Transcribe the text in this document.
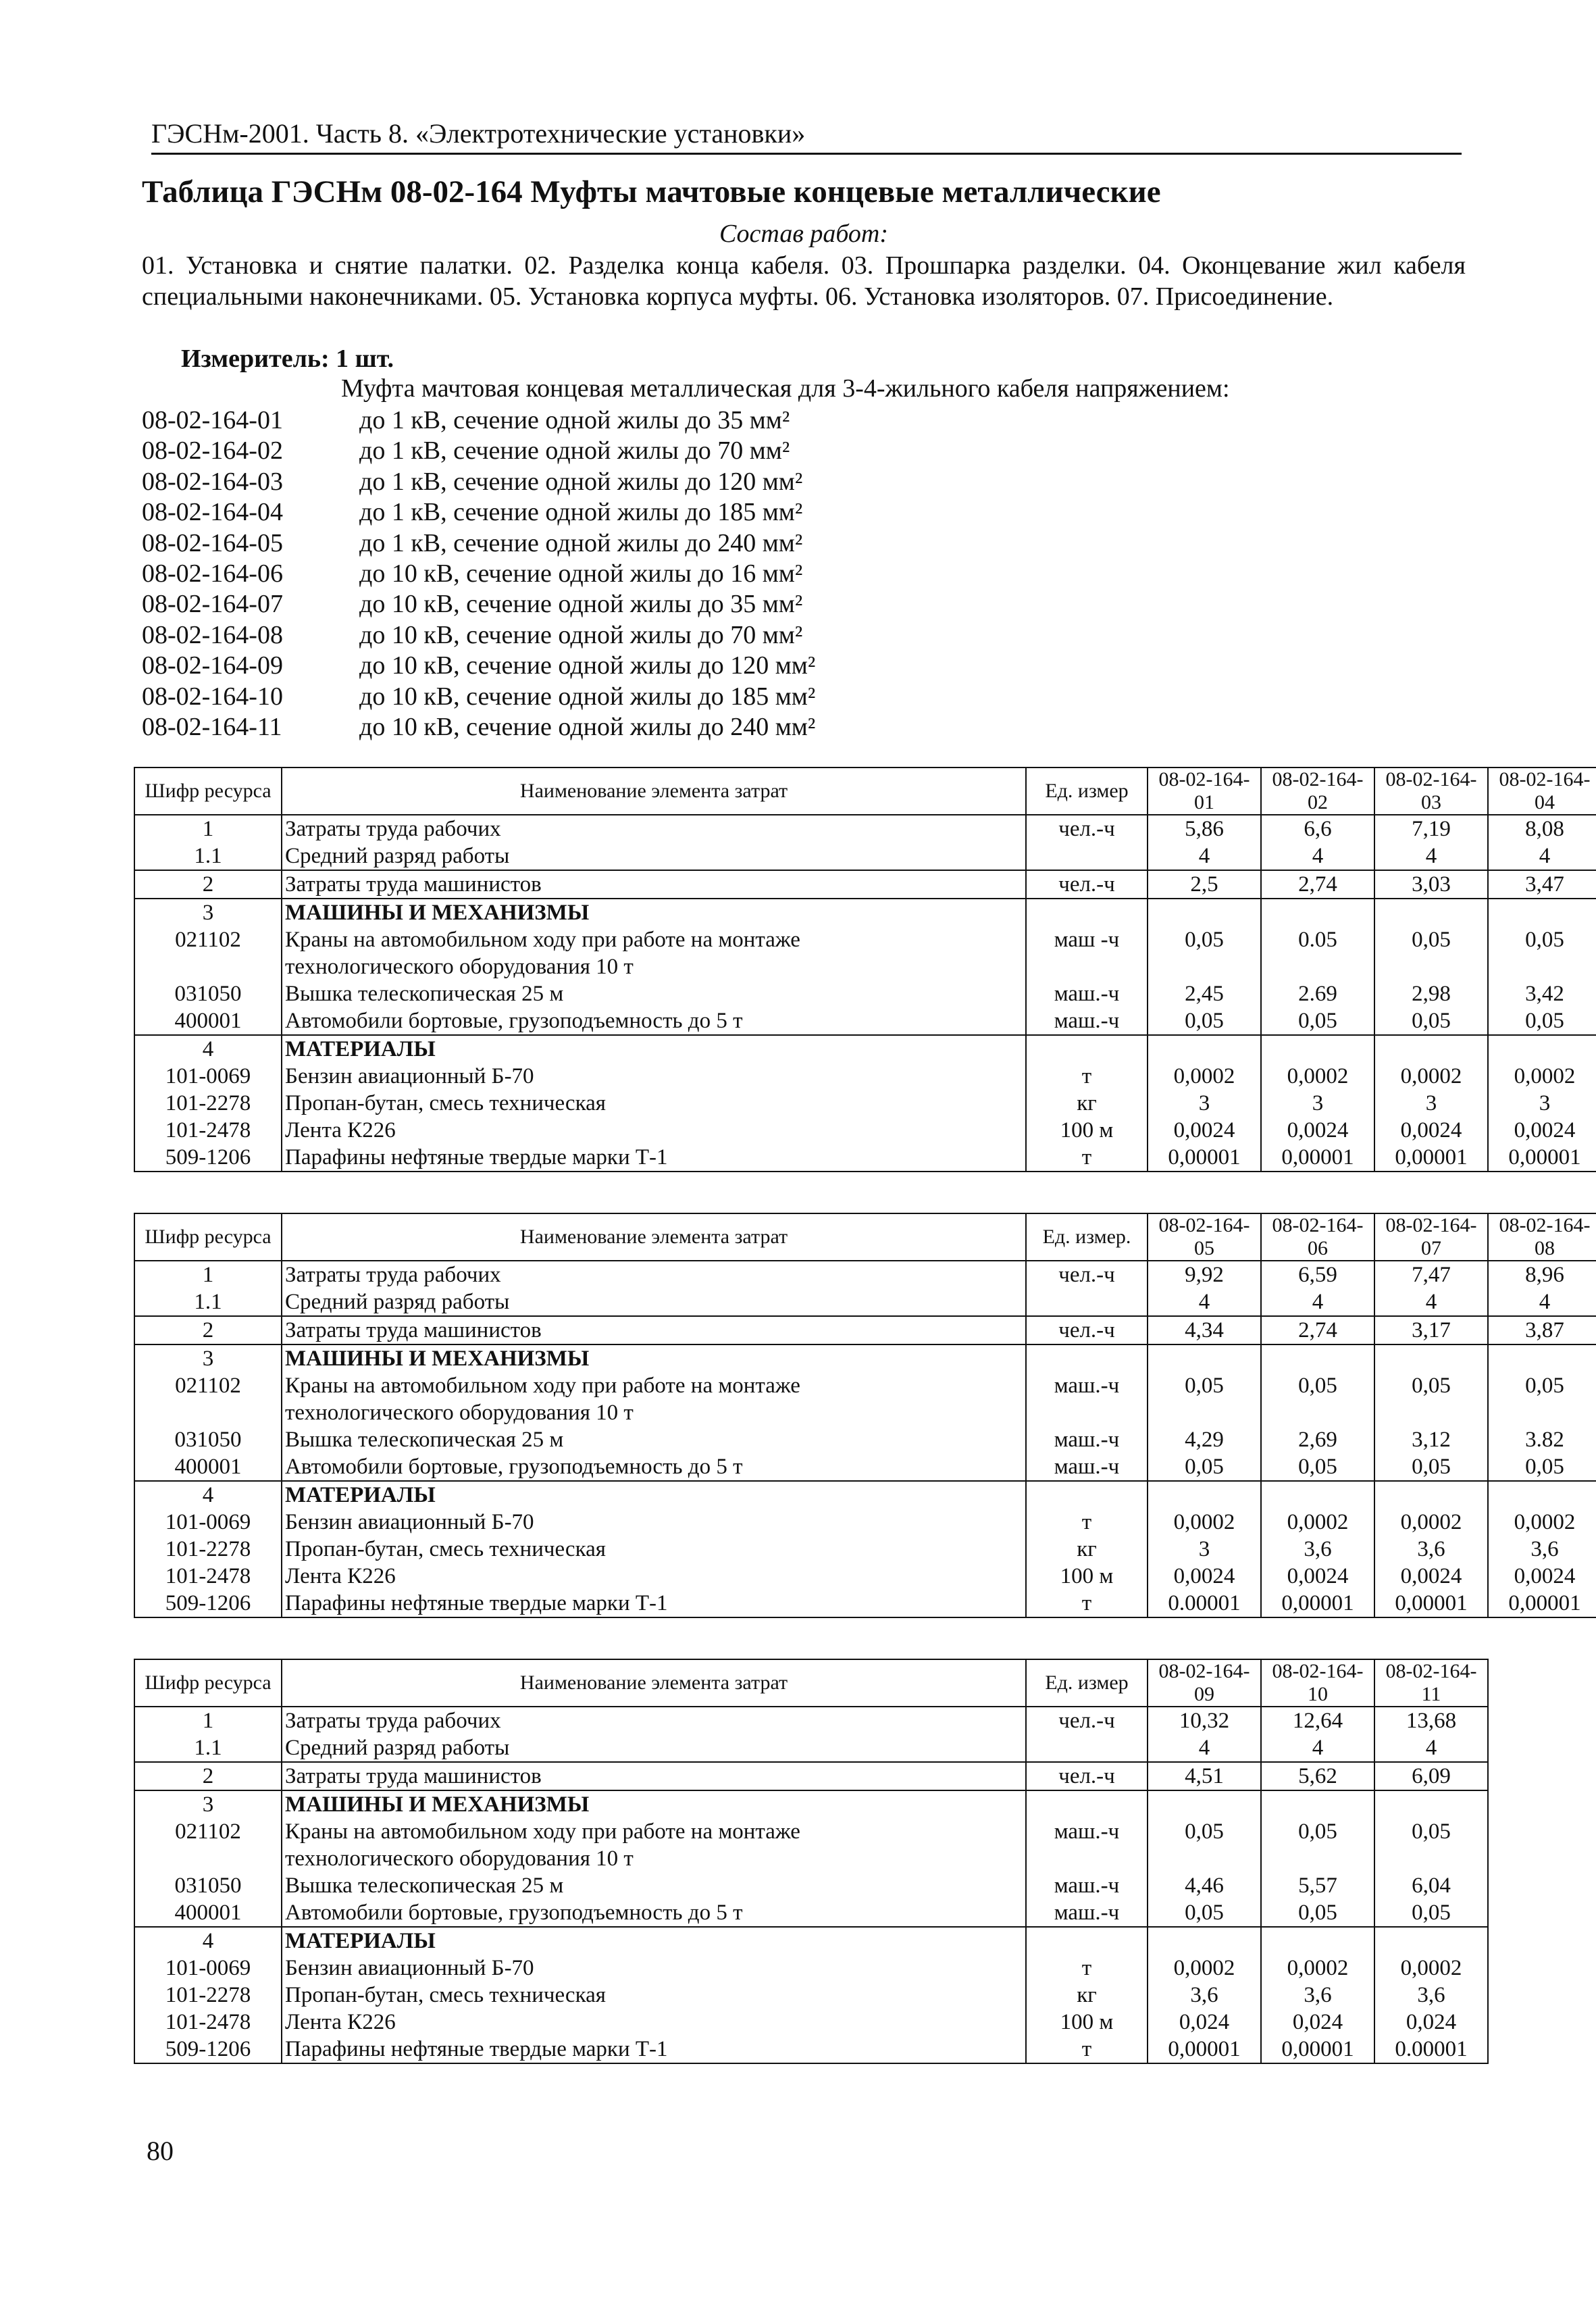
ГЭСНм-2001. Часть 8. «Электротехнические установки»
Таблица ГЭСНм 08-02-164 Муфты мачтовые концевые металлические
Состав работ:
01. Установка и снятие палатки. 02. Разделка конца кабеля. 03. Прошпарка разделки. 04. Оконцевание жил кабеля специальными наконечниками. 05. Установка корпуса муфты. 06. Установка изоляторов. 07. Присоединение.
Измеритель: 1 шт.
Муфта мачтовая концевая металлическая для 3-4-жильного кабеля напряжением:
08-02-164-01	до 1 кВ, сечение одной жилы до 35 мм²
08-02-164-02	до 1 кВ, сечение одной жилы до 70 мм²
08-02-164-03	до 1 кВ, сечение одной жилы до 120 мм²
08-02-164-04	до 1 кВ, сечение одной жилы до 185 мм²
08-02-164-05	до 1 кВ, сечение одной жилы до 240 мм²
08-02-164-06	до 10 кВ, сечение одной жилы до 16 мм²
08-02-164-07	до 10 кВ, сечение одной жилы до 35 мм²
08-02-164-08	до 10 кВ, сечение одной жилы до 70 мм²
08-02-164-09	до 10 кВ, сечение одной жилы до 120 мм²
08-02-164-10	до 10 кВ, сечение одной жилы до 185 мм²
08-02-164-11	до 10 кВ, сечение одной жилы до 240 мм²
Шифр ресурса	Наименование элемента затрат	Ед. измер	08-02-164-01	08-02-164-02	08-02-164-03	08-02-164-04
1	Затраты труда рабочих	чел.-ч	5,86	6,6	7,19	8,08
1.1	Средний разряд работы		4	4	4	4
2	Затраты труда машинистов	чел.-ч	2,5	2,74	3,03	3,47
3	МАШИНЫ И МЕХАНИЗМЫ					
021102	Краны на автомобильном ходу при работе на монтаже	маш -ч	0,05	0.05	0,05	0,05
	технологического оборудования 10 т					
031050	Вышка телескопическая 25 м	маш.-ч	2,45	2.69	2,98	3,42
400001	Автомобили бортовые, грузоподъемность до 5 т	маш.-ч	0,05	0,05	0,05	0,05
4	МАТЕРИАЛЫ					
101-0069	Бензин авиационный Б-70	т	0,0002	0,0002	0,0002	0,0002
101-2278	Пропан-бутан, смесь техническая	кг	3	3	3	3
101-2478	Лента К226	100 м	0,0024	0,0024	0,0024	0,0024
509-1206	Парафины нефтяные твердые марки Т-1	т	0,00001	0,00001	0,00001	0,00001
Шифр ресурса	Наименование элемента затрат	Ед. измер.	08-02-164-05	08-02-164-06	08-02-164-07	08-02-164-08
1	Затраты труда рабочих	чел.-ч	9,92	6,59	7,47	8,96
1.1	Средний разряд работы		4	4	4	4
2	Затраты труда машинистов	чел.-ч	4,34	2,74	3,17	3,87
3	МАШИНЫ И МЕХАНИЗМЫ					
021102	Краны на автомобильном ходу при работе на монтаже	маш.-ч	0,05	0,05	0,05	0,05
	технологического оборудования 10 т					
031050	Вышка телескопическая 25 м	маш.-ч	4,29	2,69	3,12	3.82
400001	Автомобили бортовые, грузоподъемность до 5 т	маш.-ч	0,05	0,05	0,05	0,05
4	МАТЕРИАЛЫ					
101-0069	Бензин авиационный Б-70	т	0,0002	0,0002	0,0002	0,0002
101-2278	Пропан-бутан, смесь техническая	кг	3	3,6	3,6	3,6
101-2478	Лента К226	100 м	0,0024	0,0024	0,0024	0,0024
509-1206	Парафины нефтяные твердые марки Т-1	т	0.00001	0,00001	0,00001	0,00001
Шифр ресурса	Наименование элемента затрат	Ед. измер	08-02-164-09	08-02-164-10	08-02-164-11
1	Затраты труда рабочих	чел.-ч	10,32	12,64	13,68
1.1	Средний разряд работы		4	4	4
2	Затраты труда машинистов	чел.-ч	4,51	5,62	6,09
3	МАШИНЫ И МЕХАНИЗМЫ				
021102	Краны на автомобильном ходу при работе на монтаже	маш.-ч	0,05	0,05	0,05
	технологического оборудования 10 т				
031050	Вышка телескопическая 25 м	маш.-ч	4,46	5,57	6,04
400001	Автомобили бортовые, грузоподъемность до 5 т	маш.-ч	0,05	0,05	0,05
4	МАТЕРИАЛЫ				
101-0069	Бензин авиационный Б-70	т	0,0002	0,0002	0,0002
101-2278	Пропан-бутан, смесь техническая	кг	3,6	3,6	3,6
101-2478	Лента К226	100 м	0,024	0,024	0,024
509-1206	Парафины нефтяные твердые марки Т-1	т	0,00001	0,00001	0.00001
80
